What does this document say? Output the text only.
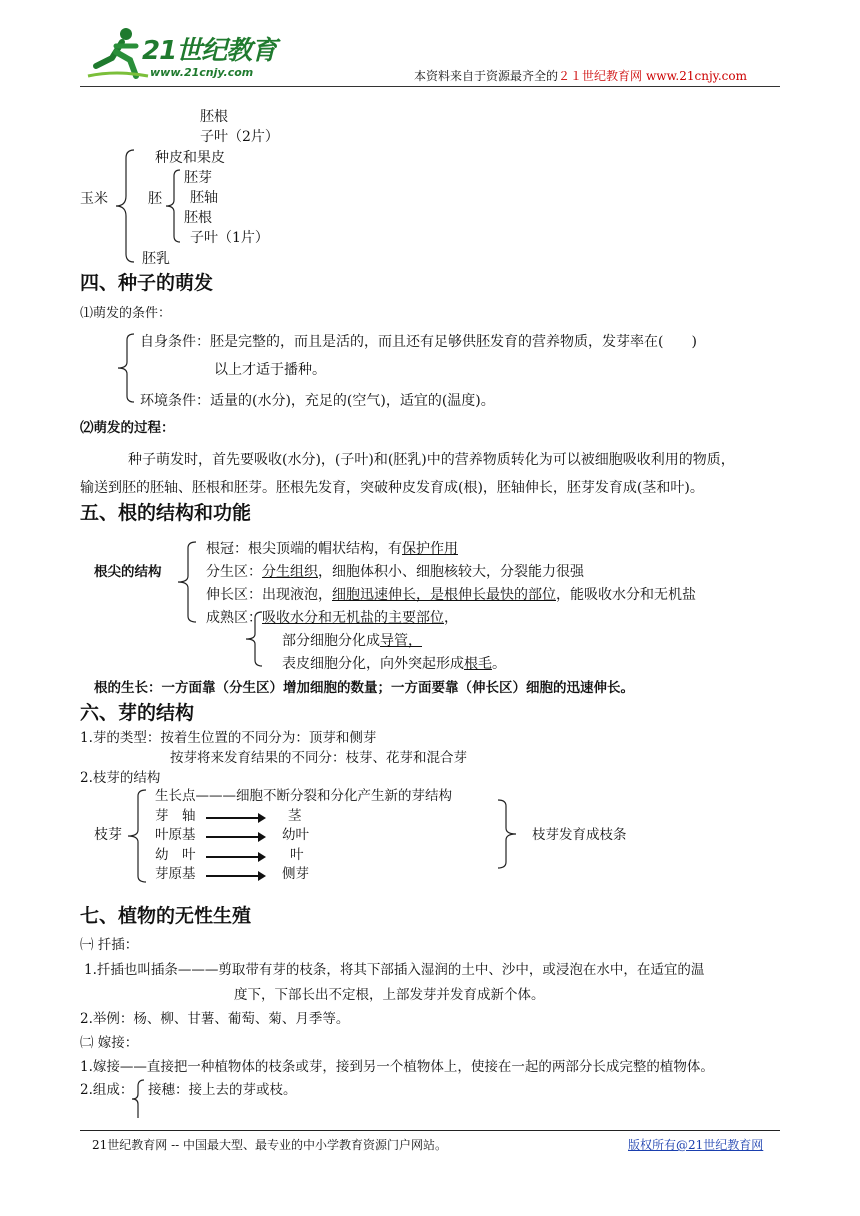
21世纪教育
www.21cnjy.com	本资料来自于资源最齐全的２１世纪教育网 www.21cnjy.com
胚根
子叶（2片）
玉米
种皮和果皮
胚
胚芽
胚轴
胚根
子叶（1片）
胚乳
四、种子的萌发
⑴萌发的条件：
自身条件：胚是完整的，而且是活的，而且还有足够供胚发育的营养物质，发芽率在(　　)
以上才适于播种。
环境条件：适量的(水分)，充足的(空气)，适宜的(温度)。
⑵萌发的过程：
种子萌发时，首先要吸收(水分)，(子叶)和(胚乳)中的营养物质转化为可以被细胞吸收利用的物质，
输送到胚的胚轴、胚根和胚芽。胚根先发育，突破种皮发育成(根)，胚轴伸长，胚芽发育成(茎和叶)。
五、根的结构和功能
根尖的结构
根冠：根尖顶端的帽状结构，有保护作用
分生区：分生组织，细胞体积小、细胞核较大，分裂能力很强
伸长区：出现液泡，细胞迅速伸长，是根伸长最快的部位，能吸收水分和无机盐
成熟区：吸收水分和无机盐的主要部位，
部分细胞分化成导管，
表皮细胞分化，向外突起形成根毛。
根的生长：一方面靠（分生区）增加细胞的数量；一方面要靠（伸长区）细胞的迅速伸长。
六、芽的结构
1.芽的类型：按着生位置的不同分为：顶芽和侧芽
按芽将来发育结果的不同分：枝芽、花芽和混合芽
2.枝芽的结构
枝芽
生长点———细胞不断分裂和分化产生新的芽结构
芽　轴	茎
叶原基	幼叶
幼　叶	叶
芽原基	侧芽
枝芽发育成枝条
七、植物的无性生殖
㈠ 扦插：
1.扦插也叫插条———剪取带有芽的枝条，将其下部插入湿润的土中、沙中，或浸泡在水中，在适宜的温
度下，下部长出不定根，上部发芽并发育成新个体。
2.举例：杨、柳、甘薯、葡萄、菊、月季等。
㈡ 嫁接：
1.嫁接——直接把一种植物体的枝条或芽，接到另一个植物体上，使接在一起的两部分长成完整的植物体。
2.组成： 接穗：接上去的芽或枝。
21世纪教育网 -- 中国最大型、最专业的中小学教育资源门户网站。	版权所有@21世纪教育网
